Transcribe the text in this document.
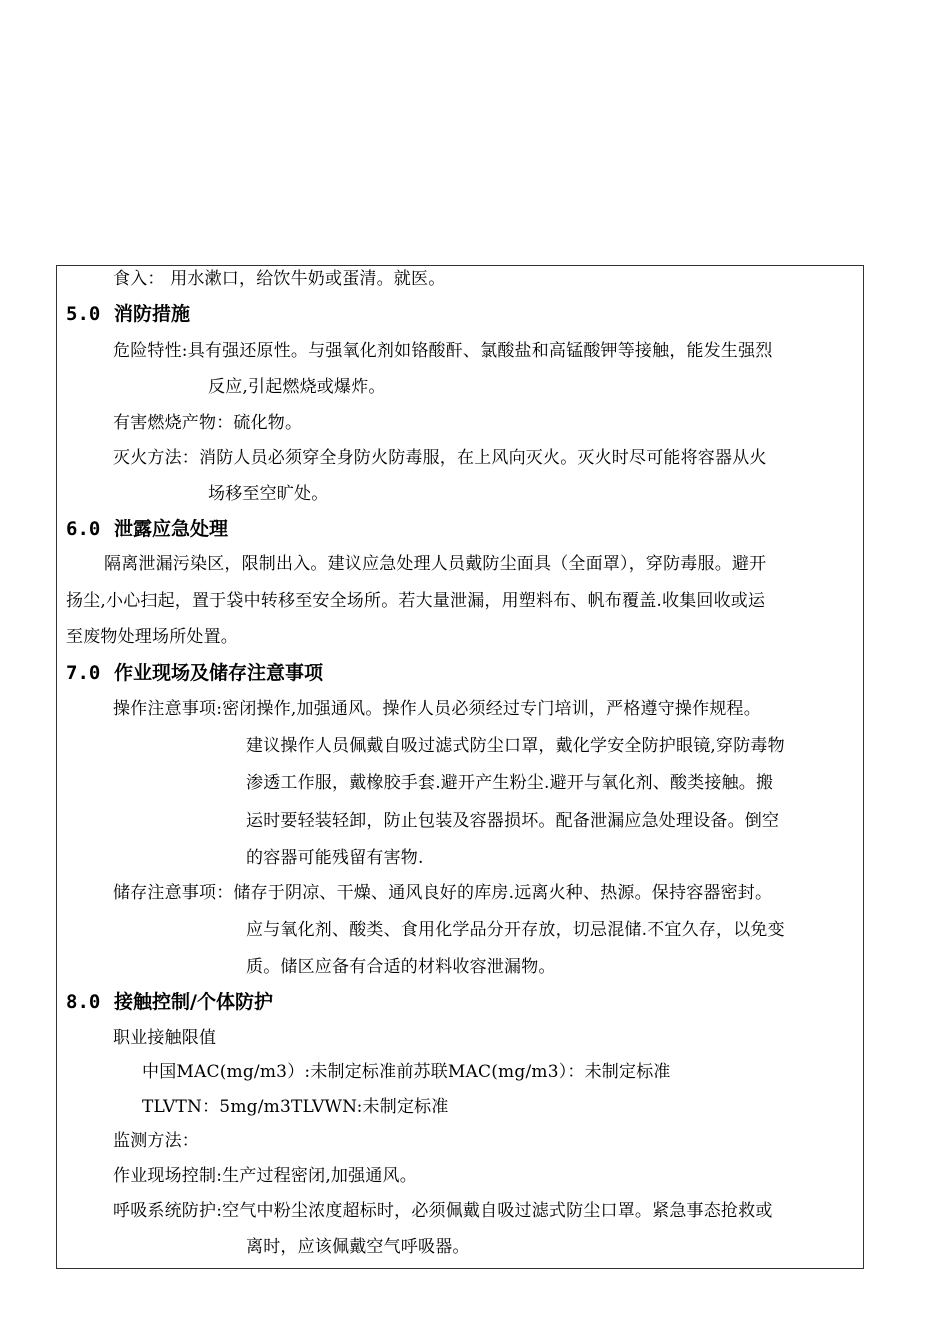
食入： 用水漱口，给饮牛奶或蛋清。就医。
5.0 消防措施
危险特性:具有强还原性。与强氧化剂如铬酸酐、氯酸盐和高锰酸钾等接触，能发生强烈
反应,引起燃烧或爆炸。
有害燃烧产物：硫化物。
灭火方法：消防人员必须穿全身防火防毒服，在上风向灭火。灭火时尽可能将容器从火
场移至空旷处。
6.0 泄露应急处理
隔离泄漏污染区，限制出入。建议应急处理人员戴防尘面具（全面罩），穿防毒服。避开
扬尘,小心扫起，置于袋中转移至安全场所。若大量泄漏，用塑料布、帆布覆盖.收集回收或运
至废物处理场所处置。
7.0 作业现场及储存注意事项
操作注意事项:密闭操作,加强通风。操作人员必须经过专门培训，严格遵守操作规程。
建议操作人员佩戴自吸过滤式防尘口罩，戴化学安全防护眼镜,穿防毒物
渗透工作服，戴橡胶手套.避开产生粉尘.避开与氧化剂、酸类接触。搬
运时要轻装轻卸，防止包装及容器损坏。配备泄漏应急处理设备。倒空
的容器可能残留有害物.
储存注意事项：储存于阴凉、干燥、通风良好的库房.远离火种、热源。保持容器密封。
应与氧化剂、酸类、食用化学品分开存放，切忌混储.不宜久存，以免变
质。储区应备有合适的材料收容泄漏物。
8.0 接触控制/个体防护
职业接触限值
中国MAC(mg/m3）:未制定标准前苏联MAC(mg/m3）：未制定标准
TLVTN：5mg/m3TLVWN:未制定标准
监测方法：
作业现场控制:生产过程密闭,加强通风。
呼吸系统防护:空气中粉尘浓度超标时，必须佩戴自吸过滤式防尘口罩。紧急事态抢救或
离时，应该佩戴空气呼吸器。
